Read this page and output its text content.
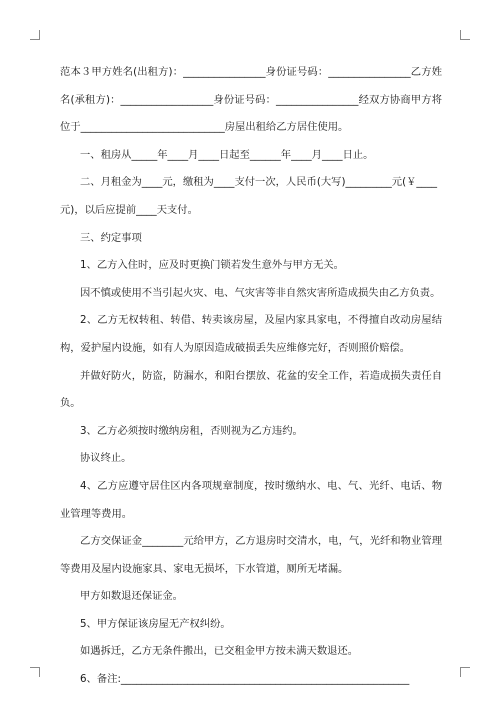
范本３甲方姓名(出租方)：________________身份证号码：________________乙方姓
名(承租方)：__________________身份证号码：________________经双方协商甲方将
位于____________________________房屋出租给乙方居住使用。
一、租房从_____年____月____日起至______年____月____日止。
二、月租金为____元，缴租为____支付一次，人民币(大写)_________元(￥____
元)，以后应提前____天支付。
三、约定事项
1、乙方入住时，应及时更换门锁若发生意外与甲方无关。
因不慎或使用不当引起火灾、电、气灾害等非自然灾害所造成损失由乙方负责。
2、乙方无权转租、转借、转卖该房屋，及屋内家具家电，不得擅自改动房屋结
构，爱护屋内设施，如有人为原因造成破损丢失应维修完好，否则照价赔偿。
并做好防火，防盗，防漏水，和阳台摆放、花盆的安全工作，若造成损失责任自
负。
3、乙方必须按时缴纳房租，否则视为乙方违约。
协议终止。
4、乙方应遵守居住区内各项规章制度，按时缴纳水、电、气、光纤、电话、物
业管理等费用。
乙方交保证金________元给甲方，乙方退房时交清水，电，气，光纤和物业管理
等费用及屋内设施家具、家电无损坏，下水管道，厕所无堵漏。
甲方如数退还保证金。
5、甲方保证该房屋无产权纠纷。
如遇拆迁，乙方无条件搬出，已交租金甲方按未满天数退还。
6、备注:________________________________________________________
